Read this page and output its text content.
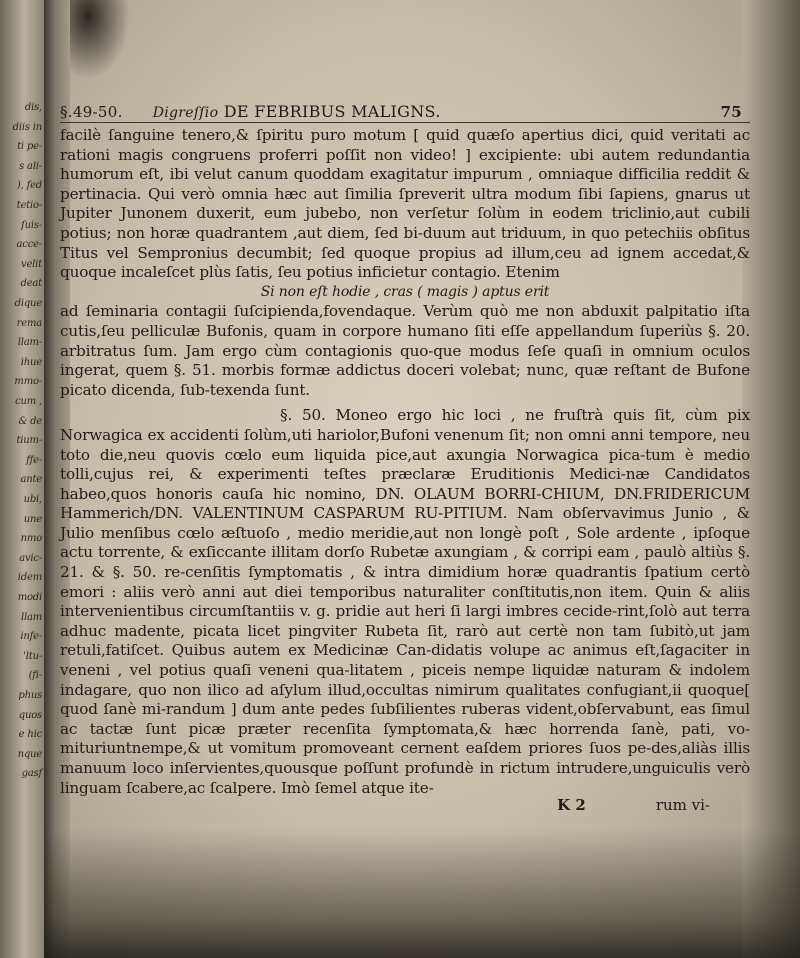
dis,
diis in
ti pe-
s ali-
), fed
tetio-
ſuis-
acce-
velit
deat
dique
rema
llam-
ihue
mmo-
cum ,
& de
tium-
ffe-
ante
ubi,
une
nmo
avic-
idem
modi
llam
infe-
'ltu-
(fi-
phus
quos
e hic
nque
gasf
§.49-50.	Digreſſio DE FEBRIBUS MALIGNS.	75

facilè ſanguine tenero,& ſpiritu puro motum [ quid quæſo apertius dici, quid veritati ac rationi magis congruens proferri poſſit non video! ] excipiente: ubi autem redundantia humorum eſt, ibi velut canum quoddam exagitatur impurum , omniaque difficilia reddit & pertinacia. Qui verò omnia hæc aut ſimilia ſpreverit ultra modum ſibi ſapiens, gnarus ut Jupiter Junonem duxerit, eum jubebo, non verſetur ſolùm in eodem triclinio,aut cubili potius; non horæ quadrantem ,aut diem, ſed bi-duum aut triduum, in quo petechiis obſitus Titus vel Sempronius decumbit; ſed quoque propius ad illum,ceu ad ignem accedat,& quoque incaleſcet plùs ſatis, ſeu potius inficietur contagio. Etenim

Si non eſt hodie , cras ( magis ) aptus erit

ad ſeminaria contagii ſuſcipienda,fovendaque. Verùm quò me non abduxit palpitatio iſta cutis,ſeu pelliculæ Bufonis, quam in corpore humano ſiti eſſe appellandum ſuperiùs §. 20. arbitratus ſum. Jam ergo cùm contagionis quo-que modus ſeſe quaſi in omnium oculos ingerat, quem §. 51. morbis formæ addictus doceri volebat; nunc, quæ reſtant de Bufone picato dicenda, ſub-texenda ſunt.

§. 50. Moneo ergo hic loci , ne fruſtrà quis ſit, cùm pix Norwagica ex accidenti ſolùm,uti hariolor,Bufoni venenum ſit; non omni anni tempore, neu toto die,neu quovis cœlo eum liquida pice,aut axungia Norwagica pica-tum è medio tolli,cujus rei, & experimenti teſtes præclaræ Eruditionis Medici-næ Candidatos habeo,quos honoris cauſa hic nomino, DN. OLAUM BORRI-CHIUM, DN.FRIDERICUM Hammerich/DN. VALENTINUM CASPARUM RU-PITIUM. Nam obſervavimus Junio , & Julio menſibus cœlo æſtuoſo , medio meridie,aut non longè poſt , Sole ardente , ipſoque actu torrente, & exſiccante illitam dorſo Rubetæ axungiam , & corripi eam , paulò altiùs §. 21. & §. 50. re-cenſitis ſymptomatis , & intra dimidium horæ quadrantis ſpatium certò emori : aliis verò anni aut diei temporibus naturaliter conſtitutis,non item. Quin & aliis intervenientibus circumſtantiis v. g. pridie aut heri ſi largi imbres cecide-rint,ſolò aut terra adhuc madente, picata licet pingviter Rubeta ſit, rarò aut certè non tam ſubitò,ut jam retuli,fatiſcet. Quibus autem ex Medicinæ Can-didatis volupe ac animus eſt,ſagaciter in veneni , vel potius quaſi veneni qua-litatem , piceis nempe liquidæ naturam & indolem indagare, quo non ilico ad aſylum illud,occultas nimirum qualitates confugiant,ii quoque[ quod ſanè mi-randum ] dum ante pedes ſubſilientes ruberas vident,obſervabunt, eas ſimul ac tactæ ſunt picæ præter recenſita ſymptomata,& hæc horrenda ſanè, pati, vo-mituriuntnempe,& ut vomitum promoveant cernent eaſdem priores ſuos pe-des,aliàs illis manuum loco inſervientes,quousque poſſunt profundè in rictum intrudere,unguiculis verò linguam ſcabere,ac ſcalpere. Imò ſemel atque ite-

K 2	rum vi-
